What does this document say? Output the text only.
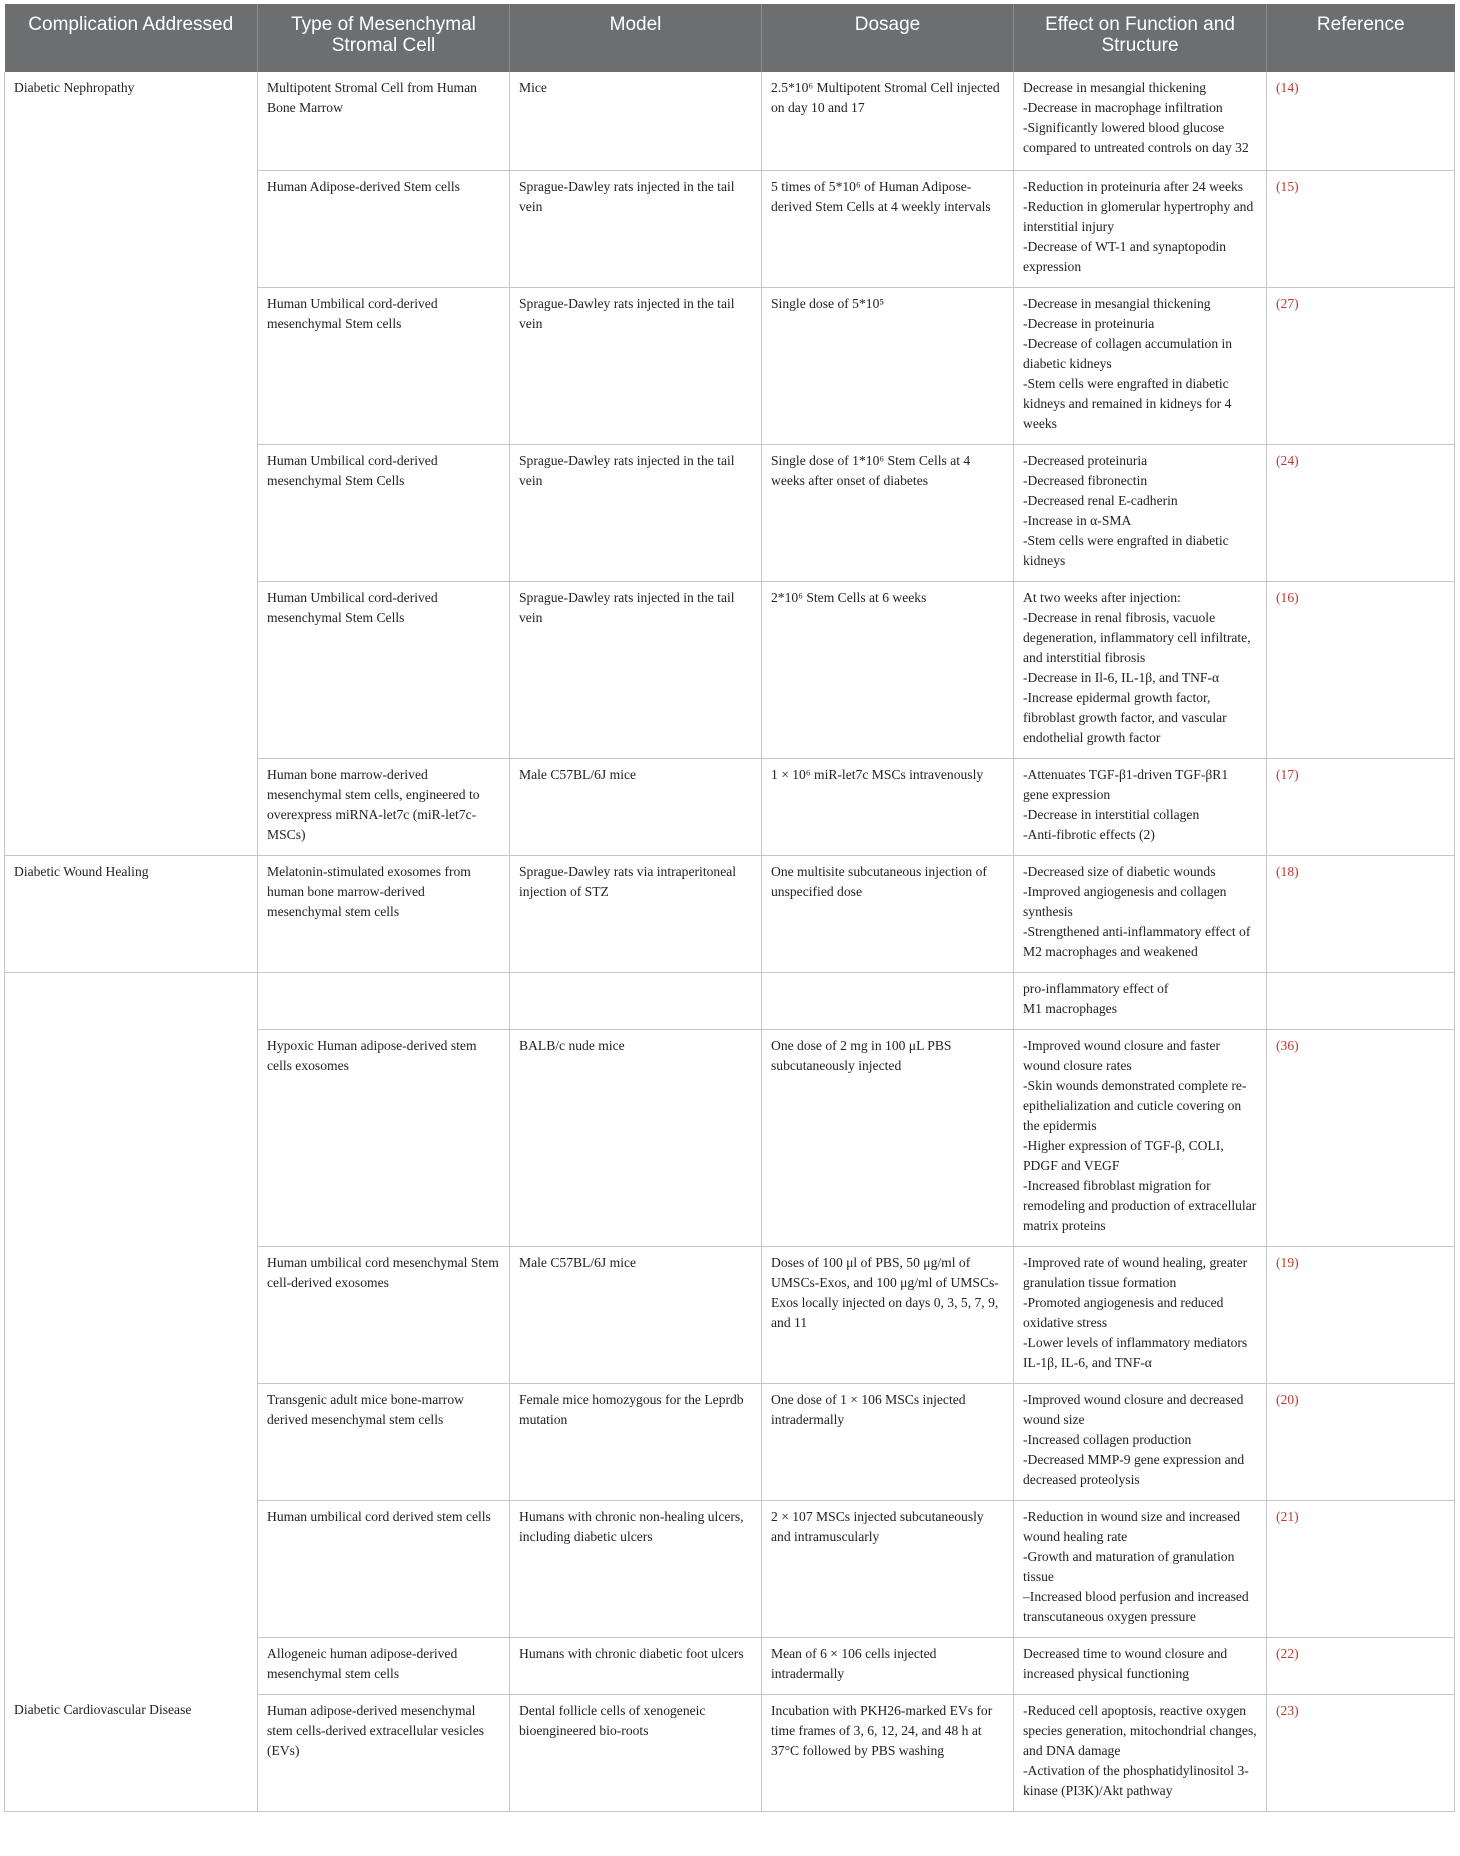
Complication Addressed	Type of Mesenchymal Stromal Cell	Model	Dosage	Effect on Function and Structure	Reference

Diabetic Nephropathy	Multipotent Stromal Cell from Human Bone Marrow	Mice	2.5*10⁶ Multipotent Stromal Cell injected on day 10 and 17	Decrease in mesangial thickening
-Decrease in macrophage infiltration
-Significantly lowered blood glucose compared to untreated controls on day 32	(14)

	Human Adipose-derived Stem cells	Sprague-Dawley rats injected in the tail vein	5 times of 5*10⁶ of Human Adipose-derived Stem Cells at 4 weekly intervals	-Reduction in proteinuria after 24 weeks
-Reduction in glomerular hypertrophy and interstitial injury
-Decrease of WT-1 and synaptopodin expression	(15)

	Human Umbilical cord-derived mesenchymal Stem cells	Sprague-Dawley rats injected in the tail vein	Single dose of 5*10⁵	-Decrease in mesangial thickening
-Decrease in proteinuria
-Decrease of collagen accumulation in diabetic kidneys
-Stem cells were engrafted in diabetic kidneys and remained in kidneys for 4 weeks	(27)

	Human Umbilical cord-derived mesenchymal Stem Cells	Sprague-Dawley rats injected in the tail vein	Single dose of 1*10⁶ Stem Cells at 4 weeks after onset of diabetes	-Decreased proteinuria
-Decreased fibronectin
-Decreased renal E-cadherin
-Increase in α-SMA
-Stem cells were engrafted in diabetic kidneys	(24)

	Human Umbilical cord-derived mesenchymal Stem Cells	Sprague-Dawley rats injected in the tail vein	2*10⁶ Stem Cells at 6 weeks	At two weeks after injection:
-Decrease in renal fibrosis, vacuole degeneration, inflammatory cell infiltrate, and interstitial fibrosis
-Decrease in Il-6, IL-1β, and TNF-α
-Increase epidermal growth factor, fibroblast growth factor, and vascular endothelial growth factor	(16)

	Human bone marrow-derived mesenchymal stem cells, engineered to overexpress miRNA-let7c (miR-let7c-MSCs)	Male C57BL/6J mice	1 × 10⁶ miR-let7c MSCs intravenously	-Attenuates TGF-β1-driven TGF-βR1 gene expression
-Decrease in interstitial collagen
-Anti-fibrotic effects (2)	(17)

Diabetic Wound Healing	Melatonin-stimulated exosomes from human bone marrow-derived mesenchymal stem cells	Sprague-Dawley rats via intraperitoneal injection of STZ	One multisite subcutaneous injection of unspecified dose	-Decreased size of diabetic wounds
-Improved angiogenesis and collagen synthesis
-Strengthened anti-inflammatory effect of M2 macrophages and weakened	(18)

				pro-inflammatory effect of
M1 macrophages	

	Hypoxic Human adipose-derived stem cells exosomes	BALB/c nude mice	One dose of 2 mg in 100 μL PBS subcutaneously injected	-Improved wound closure and faster wound closure rates
-Skin wounds demonstrated complete re-epithelialization and cuticle covering on the epidermis
-Higher expression of TGF-β, COLI, PDGF and VEGF
-Increased fibroblast migration for remodeling and production of extracellular matrix proteins	(36)

	Human umbilical cord mesenchymal Stem cell-derived exosomes	Male C57BL/6J mice	Doses of 100 μl of PBS, 50 μg/ml of UMSCs-Exos, and 100 μg/ml of UMSCs-Exos locally injected on days 0, 3, 5, 7, 9, and 11	-Improved rate of wound healing, greater granulation tissue formation
-Promoted angiogenesis and reduced oxidative stress
-Lower levels of inflammatory mediators IL-1β, IL-6, and TNF-α	(19)

	Transgenic adult mice bone-marrow derived mesenchymal stem cells	Female mice homozygous for the Leprdb mutation	One dose of 1 × 106 MSCs injected intradermally	-Improved wound closure and decreased wound size
-Increased collagen production
-Decreased MMP-9 gene expression and decreased proteolysis	(20)

	Human umbilical cord derived stem cells	Humans with chronic non-healing ulcers, including diabetic ulcers	2 × 107 MSCs injected subcutaneously and intramuscularly	-Reduction in wound size and increased wound healing rate
-Growth and maturation of granulation tissue
–Increased blood perfusion and increased transcutaneous oxygen pressure	(21)

	Allogeneic human adipose-derived mesenchymal stem cells	Humans with chronic diabetic foot ulcers	Mean of 6 × 106 cells injected intradermally	Decreased time to wound closure and increased physical functioning	(22)

Diabetic Cardiovascular Disease	Human adipose-derived mesenchymal stem cells-derived extracellular vesicles (EVs)	Dental follicle cells of xenogeneic bioengineered bio-roots	Incubation with PKH26-marked EVs for time frames of 3, 6, 12, 24, and 48 h at 37°C followed by PBS washing	-Reduced cell apoptosis, reactive oxygen species generation, mitochondrial changes, and DNA damage
-Activation of the phosphatidylinositol 3-kinase (PI3K)/Akt pathway	(23)
